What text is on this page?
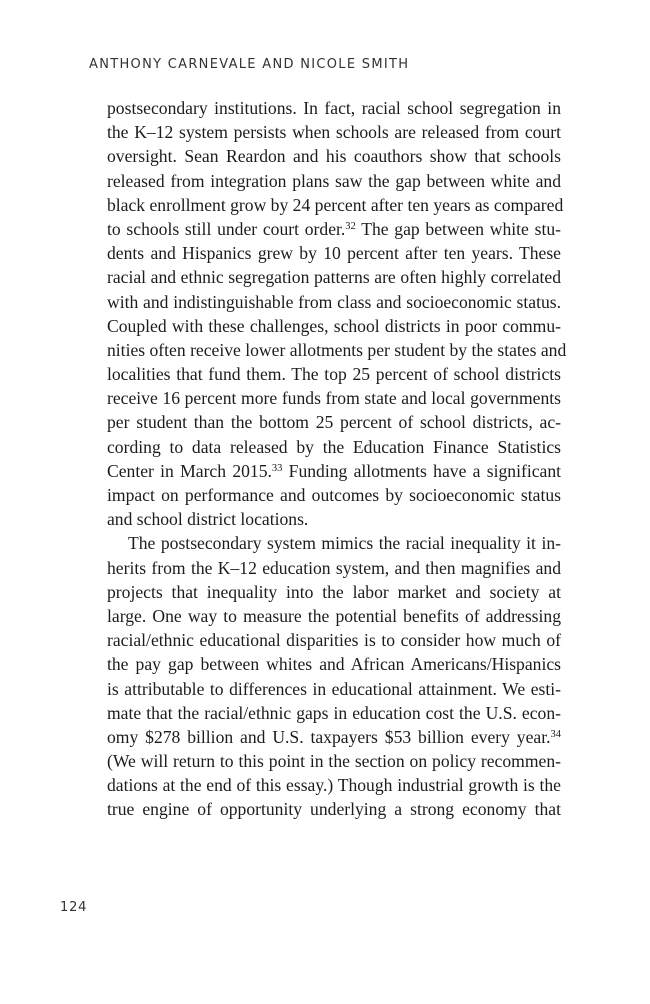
ANTHONY CARNEVALE AND NICOLE SMITH
postsecondary institutions. In fact, racial school segregation in
the K–12 system persists when schools are released from court
oversight. Sean Reardon and his coauthors show that schools
released from integration plans saw the gap between white and
black enrollment grow by 24 percent after ten years as compared
to schools still under court order.$^{32}$ The gap between white stu-
dents and Hispanics grew by 10 percent after ten years. These
racial and ethnic segregation patterns are often highly correlated
with and indistinguishable from class and socioeconomic status.
Coupled with these challenges, school districts in poor commu-
nities often receive lower allotments per student by the states and
localities that fund them. The top 25 percent of school districts
receive 16 percent more funds from state and local governments
per student than the bottom 25 percent of school districts, ac-
cording to data released by the Education Finance Statistics
Center in March 2015.33 Funding allotments have a significant
impact on performance and outcomes by socioeconomic status
and school district locations.
The postsecondary system mimics the racial inequality it in-
herits from the K–12 education system, and then magnifies and
projects that inequality into the labor market and society at
large. One way to measure the potential benefits of addressing
racial/ethnic educational disparities is to consider how much of
the pay gap between whites and African Americans/Hispanics
is attributable to differences in educational attainment. We esti-
mate that the racial/ethnic gaps in education cost the U.S. econ-
omy $278 billion and U.S. taxpayers $53 billion every year.$^{34}$
(We will return to this point in the section on policy recommen-
dations at the end of this essay.) Though industrial growth is the
true engine of opportunity underlying a strong economy that
124
